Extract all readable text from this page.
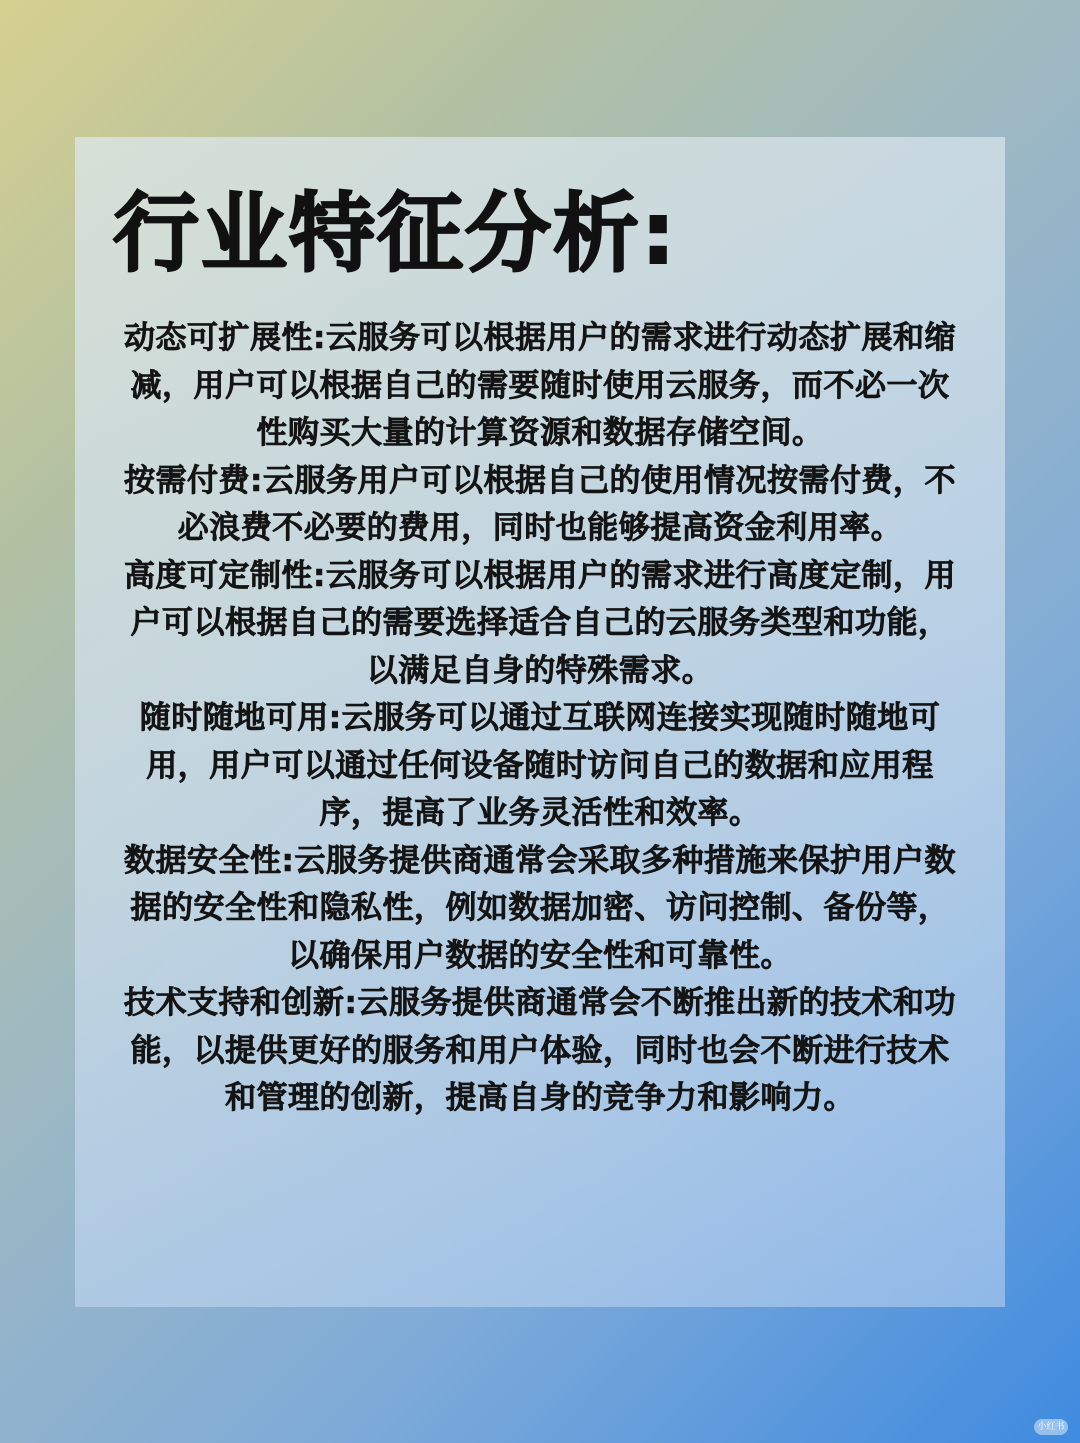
行业特征分析:

动态可扩展性:云服务可以根据用户的需求进行动态扩展和缩减，用户可以根据自己的需要随时使用云服务，而不必一次性购买大量的计算资源和数据存储空间。

按需付费:云服务用户可以根据自己的使用情况按需付费，不必浪费不必要的费用，同时也能够提高资金利用率。

高度可定制性:云服务可以根据用户的需求进行高度定制，用户可以根据自己的需要选择适合自己的云服务类型和功能，以满足自身的特殊需求。

随时随地可用:云服务可以通过互联网连接实现随时随地可用，用户可以通过任何设备随时访问自己的数据和应用程序，提高了业务灵活性和效率。

数据安全性:云服务提供商通常会采取多种措施来保护用户数据的安全性和隐私性，例如数据加密、访问控制、备份等，以确保用户数据的安全性和可靠性。

技术支持和创新:云服务提供商通常会不断推出新的技术和功能，以提供更好的服务和用户体验，同时也会不断进行技术和管理的创新，提高自身的竞争力和影响力。

小红书
